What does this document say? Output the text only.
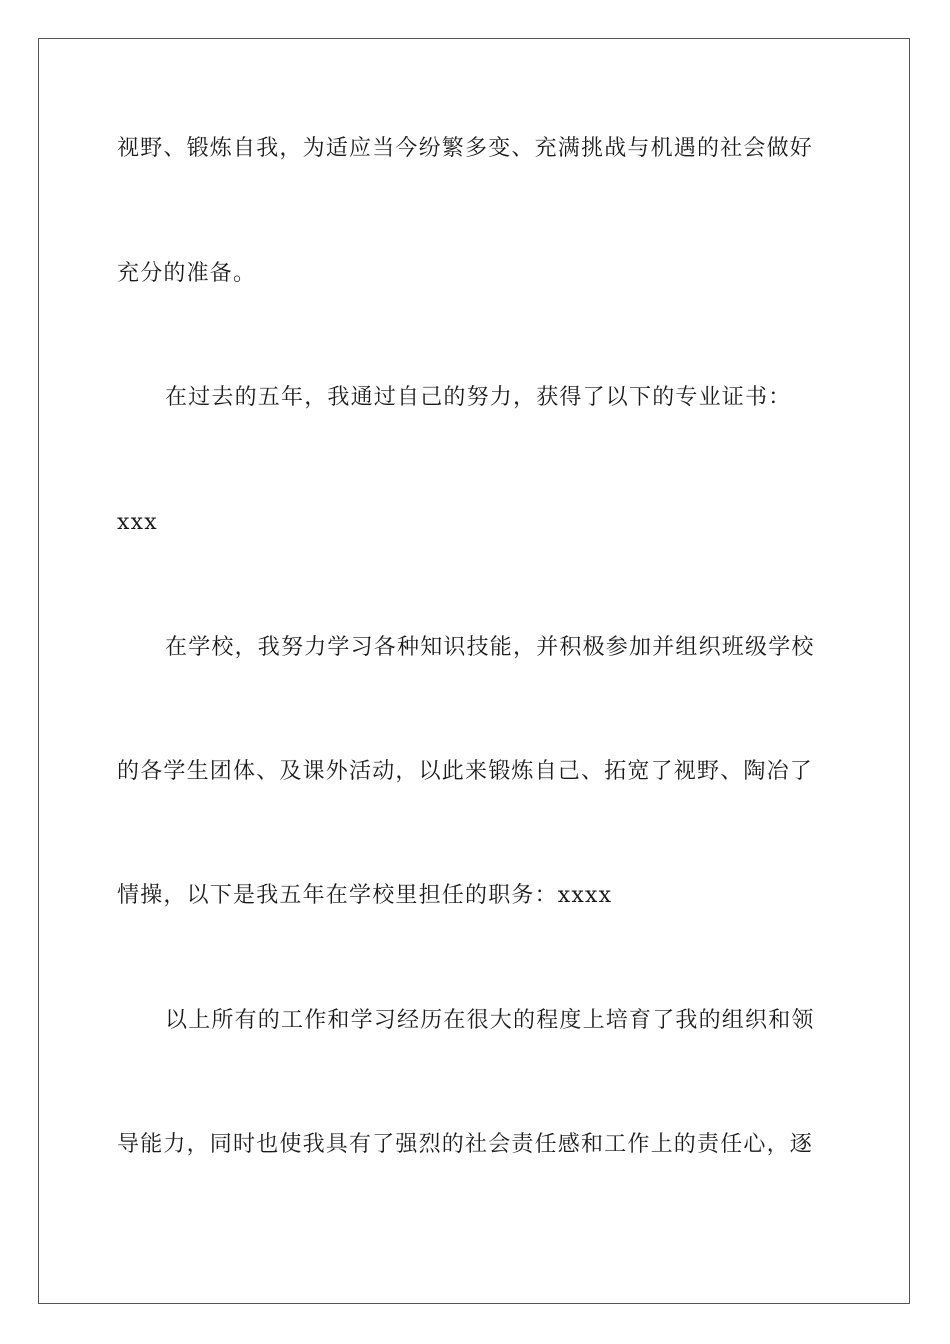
视野、锻炼自我，为适应当今纷繁多变、充满挑战与机遇的社会做好
充分的准备。
在过去的五年，我通过自己的努力，获得了以下的专业证书：
xxx
在学校，我努力学习各种知识技能，并积极参加并组织班级学校
的各学生团体、及课外活动，以此来锻炼自己、拓宽了视野、陶冶了
情操，以下是我五年在学校里担任的职务：xxxx
以上所有的工作和学习经历在很大的程度上培育了我的组织和领
导能力，同时也使我具有了强烈的社会责任感和工作上的责任心，逐
